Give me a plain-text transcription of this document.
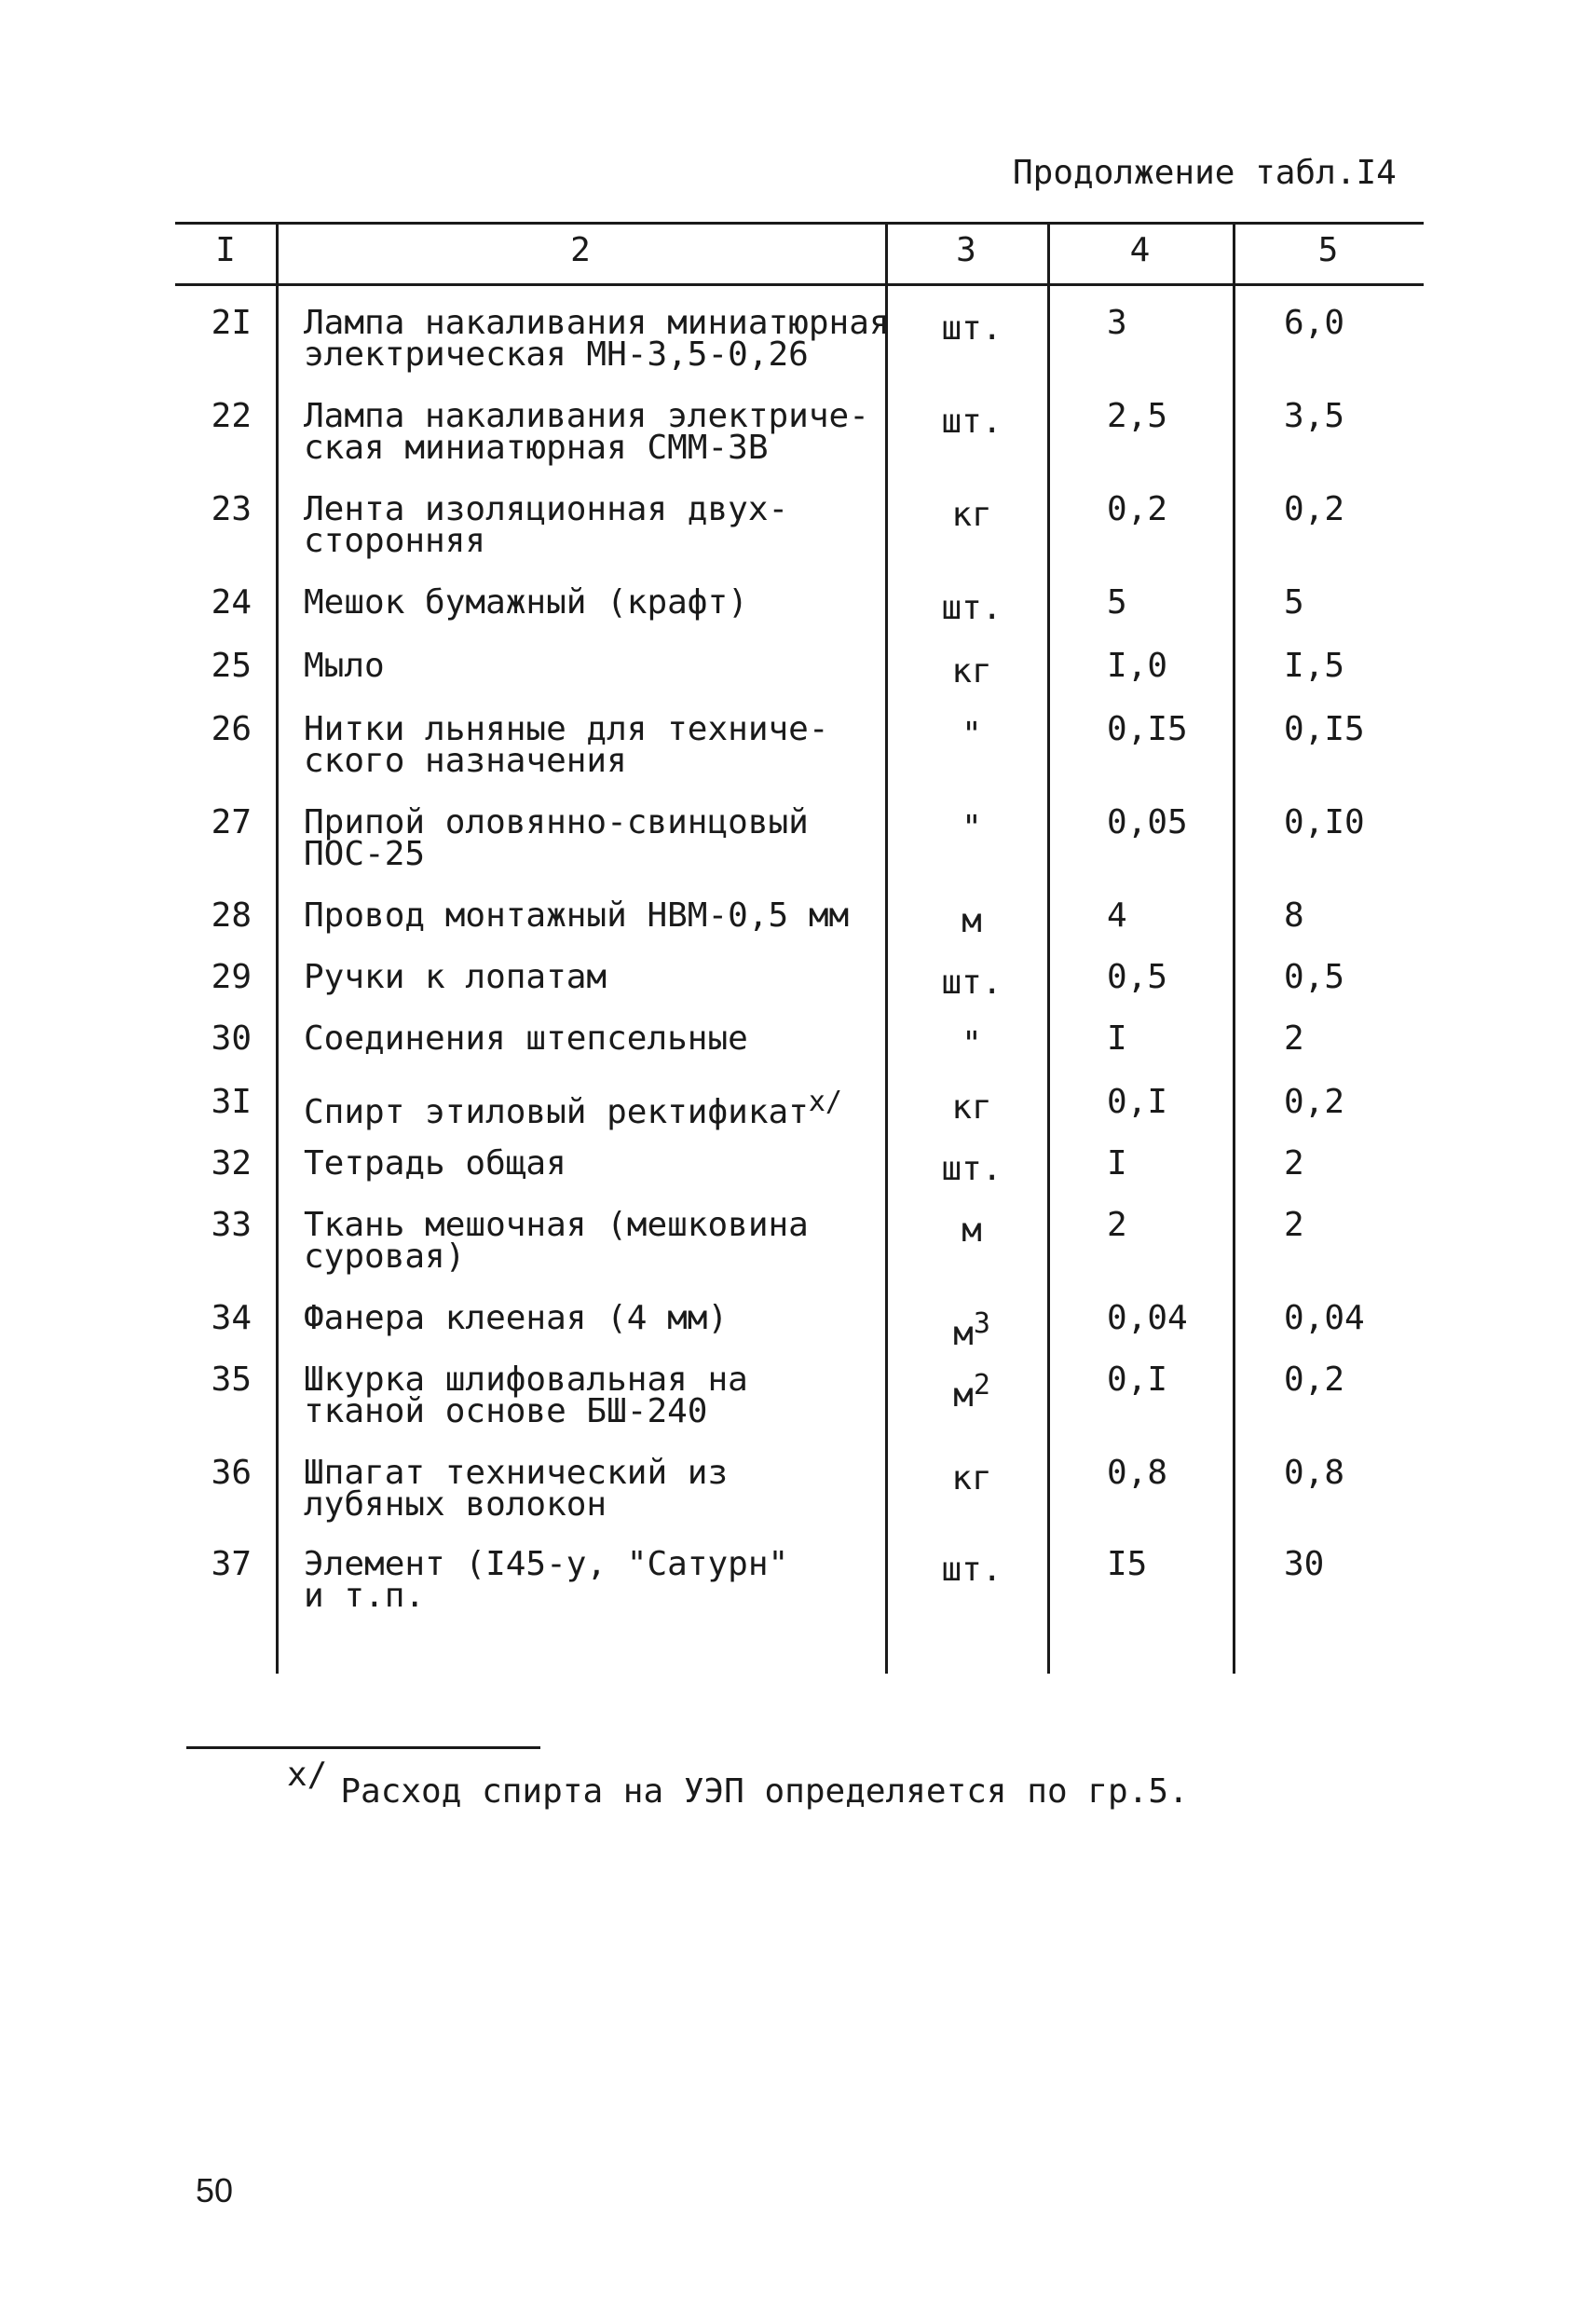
Продолжение табл.I4
I	2	3	4	5
2I Лампа накаливания миниатюрная
электрическая МН-3,5-0,26
шт.	3	6,0
22 Лампа накаливания электриче-
ская миниатюрная СММ-3В
шт.	2,5	3,5
23 Лента изоляционная двух-
сторонняя
кг	0,2	0,2
24 Мешок бумажный (крафт)	шт.	5	5
25 Мыло	кг	I,0	I,5
26 Нитки льняные для техниче-
ского назначения
"	0,I5	0,I5
27 Припой оловянно-свинцовый
ПОС-25
"	0,05	0,I0
28 Провод монтажный НВМ-0,5 мм	м	4	8
29 Ручки к лопатам	шт.	0,5	0,5
30 Соединения штепсельные	"	I	2
3I Спирт этиловый ректификат$^{x/}$	кг	0,I	0,2
32 Тетрадь общая	шт.	I	2
33 Ткань мешочная (мешковина
суровая)
м	2	2
34 Фанера клееная (4 мм)	$м^3$	0,04	0,04
35 Шкурка шлифовальная на
тканой основе БШ-240	$м^2$	0,I	0,2
36 Шпагат технический из
лубяных волокон
кг	0,8	0,8
37 Элемент (I45-у, "Сатурн"
и т.п.
шт.	I5	30
x/ Расход спирта на УЭП определяется по гр.5.
50
